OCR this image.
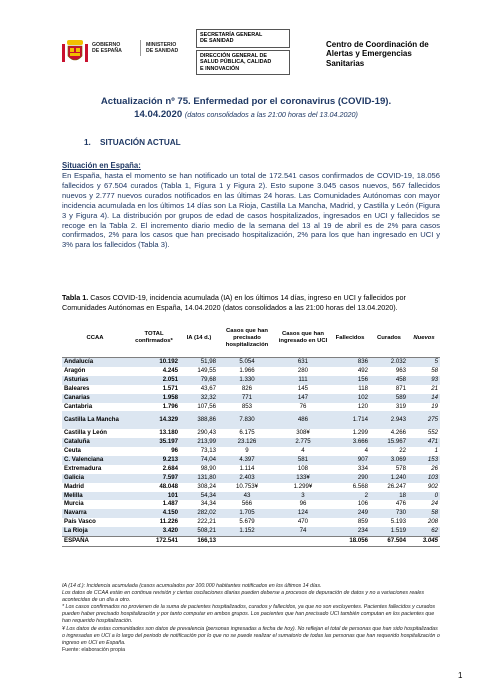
GOBIERNO
DE ESPAÑA
MINISTERIO
DE SANIDAD
SECRETARÍA GENERAL
DE SANIDAD
DIRECCIÓN GENERAL DE
SALUD PÚBLICA, CALIDAD
E INNOVACIÓN
Centro de Coordinación de
Alertas y Emergencias
Sanitarias
Actualización nº 75. Enfermedad por el coronavirus (COVID-19).
14.04.2020 (datos consolidados a las 21:00 horas del 13.04.2020)
1. SITUACIÓN ACTUAL
Situación en España:
En España, hasta el momento se han notificado un total de 172.541 casos confirmados de COVID-19, 18.056 fallecidos y 67.504 curados (Tabla 1, Figura 1 y Figura 2). Esto supone 3.045 casos nuevos, 567 fallecidos nuevos y 2.777 nuevos curados notificados en las últimas 24 horas. Las Comunidades Autónomas con mayor incidencia acumulada en los últimos 14 días son La Rioja, Castilla La Mancha, Madrid, y Castilla y León (Figura 3 y Figura 4). La distribución por grupos de edad de casos hospitalizados, ingresados en UCI y fallecidos se recoge en la Tabla 2. El incremento diario medio de la semana del 13 al 19 de abril es de 2% para casos confirmados, 2% para los casos que han precisado hospitalización, 2% para los que han ingresado en UCI y 3% para los fallecidos (Tabla 3).
Tabla 1. Casos COVID-19, incidencia acumulada (IA) en los últimos 14 días, ingreso en UCI y fallecidos por Comunidades Autónomas en España, 14.04.2020 (datos consolidados a las 21:00 horas del 13.04.2020).
CCAA	TOTAL confirmados*	IA (14 d.)	Casos que han precisado hospitalización	Casos que han ingresado en UCI	Fallecidos	Curados	Nuevos
Andalucía	10.192	51,98	5.054	631	836	2.032	5
Aragón	4.245	149,55	1.966	280	492	963	58
Asturias	2.051	79,68	1.330	111	156	458	93
Baleares	1.571	43,67	826	145	118	871	21
Canarias	1.958	32,32	771	147	102	589	14
Cantabria	1.796	107,56	853	76	120	319	19
Castilla La Mancha	14.329	388,86	7.830	486	1.714	2.943	275
Castilla y León	13.180	290,43	6.175	308¥	1.299	4.266	552
Cataluña	35.197	213,99	23.126	2.775	3.666	15.967	471
Ceuta	96	73,13	9	4	4	22	1
C. Valenciana	9.213	74,04	4.397	581	907	3.069	153
Extremadura	2.684	98,90	1.114	108	334	578	26
Galicia	7.597	131,80	2.403	133¥	290	1.240	103
Madrid	48.048	308,24	10.753¥	1.299¥	6.568	26.247	902
Melilla	101	54,34	43	3	2	18	0
Murcia	1.487	34,34	566	96	106	476	24
Navarra	4.150	282,02	1.705	124	249	730	58
País Vasco	11.226	222,21	5.679	470	859	5.193	208
La Rioja	3.420	508,21	1.152	74	234	1.519	62
ESPAÑA	172.541	166,13			18.056	67.504	3.045

IA (14 d.): Incidencia acumulada (casos acumulados por 100.000 habitantes notificados en los últimos 14 días.

Los datos de CCAA están en continua revisión y ciertas oscilaciones diarias pueden deberse a procesos de depuración de datos y no a variaciones reales acontecidas de un día a otro.

* Los casos confirmados no provienen de la suma de pacientes hospitalizados, curados y fallecidos, ya que no son excluyentes. Pacientes fallecidos y curados pueden haber precisado hospitalización y por tanto computar en ambos grupos. Los pacientes que han precisado UCI también computan en los pacientes que han requerido hospitalización.

¥ Los datos de estas comunidades son datos de prevalencia (personas ingresadas a fecha de hoy). No reflejan el total de personas que han sido hospitalizadas o ingresadas en UCI a lo largo del periodo de notificación por lo que no se puede realizar el sumatorio de todas las personas que han requerido hospitalización o ingreso en UCI en España.

Fuente: elaboración propia

1
